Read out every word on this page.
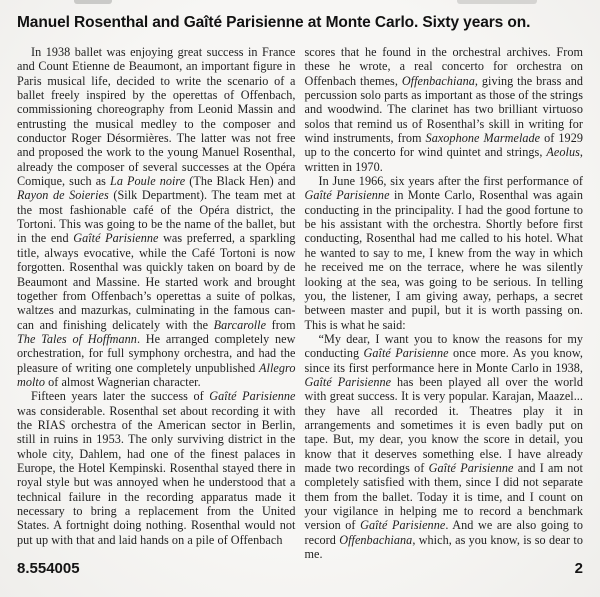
Manuel Rosenthal and Gaîté Parisienne at Monte Carlo. Sixty years on.

In 1938 ballet was enjoying great success in France and Count Etienne de Beaumont, an important figure in Paris musical life, decided to write the scenario of a ballet freely inspired by the operettas of Offenbach, commissioning choreography from Leonid Massin and entrusting the musical medley to the composer and conductor Roger Désormières. The latter was not free and proposed the work to the young Manuel Rosenthal, already the composer of several successes at the Opéra Comique, such as La Poule noire (The Black Hen) and Rayon de Soieries (Silk Department). The team met at the most fashionable café of the Opéra district, the Tortoni. This was going to be the name of the ballet, but in the end Gaîté Parisienne was preferred, a sparkling title, always evocative, while the Café Tortoni is now forgotten. Rosenthal was quickly taken on board by de Beaumont and Massine. He started work and brought together from Offenbach’s operettas a suite of polkas, waltzes and mazurkas, culminating in the famous can-can and finishing delicately with the Barcarolle from The Tales of Hoffmann. He arranged completely new orchestration, for full symphony orchestra, and had the pleasure of writing one completely unpublished Allegro molto of almost Wagnerian character.

Fifteen years later the success of Gaîté Parisienne was considerable. Rosenthal set about recording it with the RIAS orchestra of the American sector in Berlin, still in ruins in 1953. The only surviving district in the whole city, Dahlem, had one of the finest palaces in Europe, the Hotel Kempinski. Rosenthal stayed there in royal style but was annoyed when he understood that a technical failure in the recording apparatus made it necessary to bring a replacement from the United States. A fortnight doing nothing. Rosenthal would not put up with that and laid hands on a pile of Offenbach

scores that he found in the orchestral archives. From these he wrote, a real concerto for orchestra on Offenbach themes, Offenbachiana, giving the brass and percussion solo parts as important as those of the strings and woodwind. The clarinet has two brilliant virtuoso solos that remind us of Rosenthal’s skill in writing for wind instruments, from Saxophone Marmelade of 1929 up to the concerto for wind quintet and strings, Aeolus, written in 1970.

In June 1966, six years after the first performance of Gaîté Parisienne in Monte Carlo, Rosenthal was again conducting in the principality. I had the good fortune to be his assistant with the orchestra. Shortly before first conducting, Rosenthal had me called to his hotel. What he wanted to say to me, I knew from the way in which he received me on the terrace, where he was silently looking at the sea, was going to be serious. In telling you, the listener, I am giving away, perhaps, a secret between master and pupil, but it is worth passing on. This is what he said:

“My dear, I want you to know the reasons for my conducting Gaîté Parisienne once more. As you know, since its first performance here in Monte Carlo in 1938, Gaîté Parisienne has been played all over the world with great success. It is very popular. Karajan, Maazel... they have all recorded it. Theatres play it in arrangements and sometimes it is even badly put on tape. But, my dear, you know the score in detail, you know that it deserves something else. I have already made two recordings of Gaîté Parisienne and I am not completely satisfied with them, since I did not separate them from the ballet. Today it is time, and I count on your vigilance in helping me to record a benchmark version of Gaîté Parisienne. And we are also going to record Offenbachiana, which, as you know, is so dear to me.

8.554005	2
